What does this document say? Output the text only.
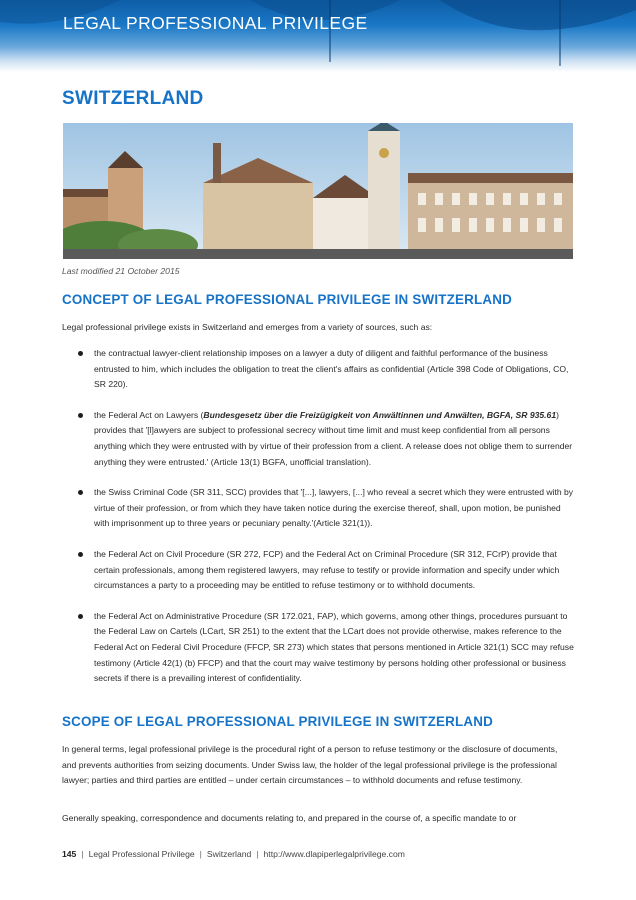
LEGAL PROFESSIONAL PRIVILEGE
SWITZERLAND
Last modified 21 October 2015
CONCEPT OF LEGAL PROFESSIONAL PRIVILEGE IN SWITZERLAND
Legal professional privilege exists in Switzerland and emerges from a variety of sources, such as:
the contractual lawyer-client relationship imposes on a lawyer a duty of diligent and faithful performance of the business entrusted to him, which includes the obligation to treat the client's affairs as confidential (Article 398 Code of Obligations, CO, SR 220).
the Federal Act on Lawyers (Bundesgesetz über die Freizügigkeit von Anwältinnen und Anwälten, BGFA, SR 935.61) provides that '[l]awyers are subject to professional secrecy without time limit and must keep confidential from all persons anything which they were entrusted with by virtue of their profession from a client. A release does not oblige them to surrender anything they were entrusted.' (Article 13(1) BGFA, unofficial translation).
the Swiss Criminal Code (SR 311, SCC) provides that '[...], lawyers, [...] who reveal a secret which they were entrusted with by virtue of their profession, or from which they have taken notice during the exercise thereof, shall, upon motion, be punished with imprisonment up to three years or pecuniary penalty.'(Article 321(1)).
the Federal Act on Civil Procedure (SR 272, FCP) and the Federal Act on Criminal Procedure (SR 312, FCrP) provide that certain professionals, among them registered lawyers, may refuse to testify or provide information and specify under which circumstances a party to a proceeding may be entitled to refuse testimony or to withhold documents.
the Federal Act on Administrative Procedure (SR 172.021, FAP), which governs, among other things, procedures pursuant to the Federal Law on Cartels (LCart, SR 251) to the extent that the LCart does not provide otherwise, makes reference to the Federal Act on Federal Civil Procedure (FFCP, SR 273) which states that persons mentioned in Article 321(1) SCC may refuse testimony (Article 42(1) (b) FFCP) and that the court may waive testimony by persons holding other professional or business secrets if there is a prevailing interest of confidentiality.
SCOPE OF LEGAL PROFESSIONAL PRIVILEGE IN SWITZERLAND
In general terms, legal professional privilege is the procedural right of a person to refuse testimony or the disclosure of documents, and prevents authorities from seizing documents. Under Swiss law, the holder of the legal professional privilege is the professional lawyer; parties and third parties are entitled – under certain circumstances – to withhold documents and refuse testimony.
Generally speaking, correspondence and documents relating to, and prepared in the course of, a specific mandate to or
145 | Legal Professional Privilege | Switzerland | http://www.dlapiperlegalprivilege.com
